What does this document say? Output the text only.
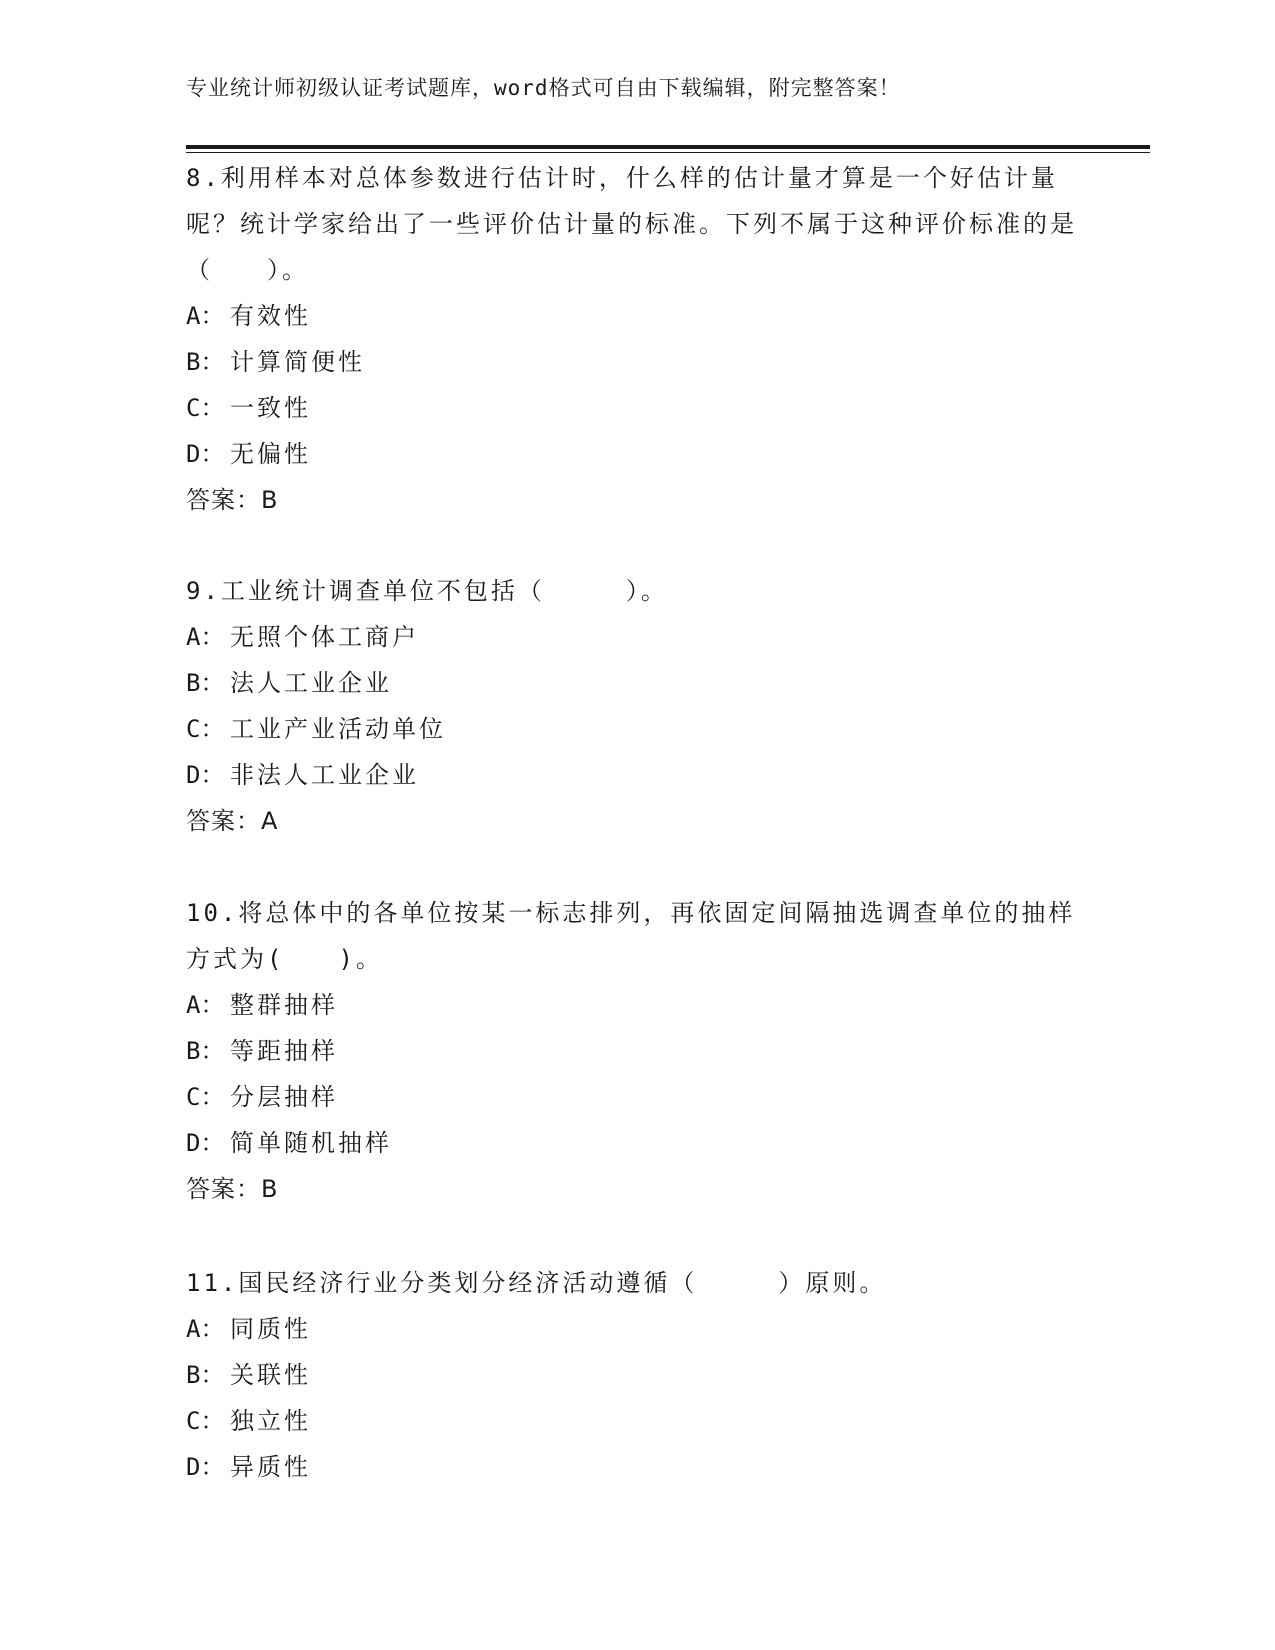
专业统计师初级认证考试题库，word格式可自由下载编辑，附完整答案！

8.利用样本对总体参数进行估计时，什么样的估计量才算是一个好估计量呢？统计学家给出了一些评价估计量的标准。下列不属于这种评价标准的是（　　）。

A： 有效性

B： 计算简便性

C： 一致性

D： 无偏性

答案：B

9.工业统计调查单位不包括（　　　）。

A： 无照个体工商户

B： 法人工业企业

C： 工业产业活动单位

D： 非法人工业企业

答案：A

10.将总体中的各单位按某一标志排列，再依固定间隔抽选调查单位的抽样方式为(　　)。

A： 整群抽样

B： 等距抽样

C： 分层抽样

D： 简单随机抽样

答案：B

11.国民经济行业分类划分经济活动遵循（　　　）原则。

A： 同质性

B： 关联性

C： 独立性

D： 异质性
